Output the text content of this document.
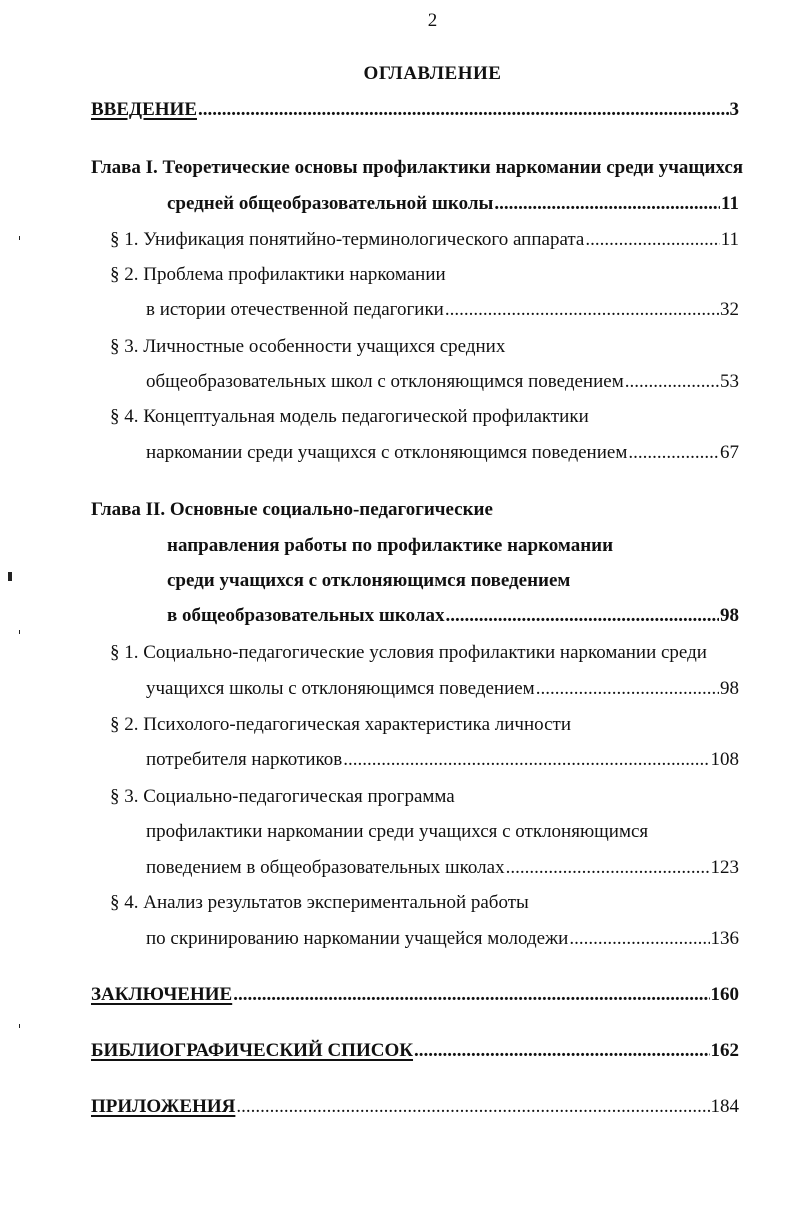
2
ОГЛАВЛЕНИЕ
ВВЕДЕНИЕ .....	3
Глава I. Теоретические основы профилактики наркомании среди учащихся
средней общеобразовательной школы .....	11
§ 1. Унификация понятийно-терминологического аппарата .....	11
§ 2. Проблема профилактики наркомании
в истории отечественной педагогики .....	32
§ 3. Личностные особенности учащихся средних
общеобразовательных школ с отклоняющимся поведением .....	53
§ 4. Концептуальная модель педагогической профилактики
наркомании среди учащихся с отклоняющимся поведением .....	67
Глава II. Основные социально-педагогические
направления работы по профилактике наркомании
среди учащихся с отклоняющимся поведением
в общеобразовательных школах .....	98
§ 1. Социально-педагогические условия профилактики наркомании среди
учащихся школы с отклоняющимся поведением .....	98
§ 2. Психолого-педагогическая характеристика личности
потребителя наркотиков .....	108
§ 3. Социально-педагогическая программа
профилактики наркомании среди учащихся с отклоняющимся
поведением в общеобразовательных школах .....	123
§ 4. Анализ результатов экспериментальной работы
по скринированию наркомании учащейся молодежи .....	136
ЗАКЛЮЧЕНИЕ .....	160
БИБЛИОГРАФИЧЕСКИЙ СПИСОК .....	162
ПРИЛОЖЕНИЯ .....	184
